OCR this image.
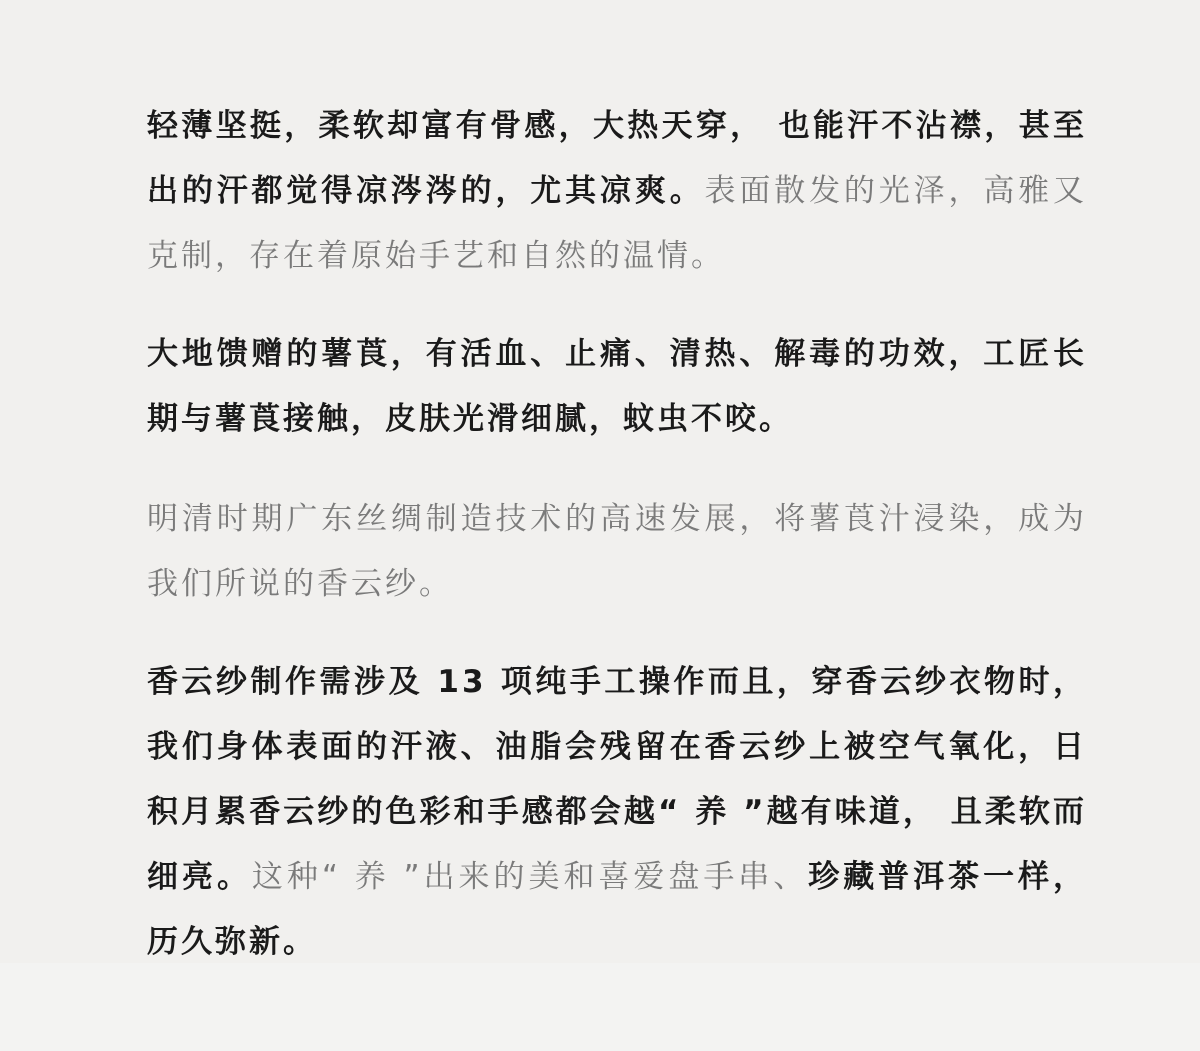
轻薄坚挺，柔软却富有骨感，大热天穿， 也能汗不沾襟，甚至出的汗都觉得凉涔涔的，尤其凉爽。表面散发的光泽，高雅又克制，存在着原始手艺和自然的温情。

大地馈赠的薯莨，有活血、止痛、清热、解毒的功效，工匠长期与薯莨接触，皮肤光滑细腻，蚊虫不咬。

明清时期广东丝绸制造技术的高速发展，将薯莨汁浸染，成为我们所说的香云纱。

香云纱制作需涉及 13 项纯手工操作而且，穿香云纱衣物时，我们身体表面的汗液、油脂会残留在香云纱上被空气氧化，日积月累香云纱的色彩和手感都会越“ 养 ”越有味道， 且柔软而细亮。这种“ 养 ”出来的美和喜爱盘手串、珍藏普洱茶一样，历久弥新。
